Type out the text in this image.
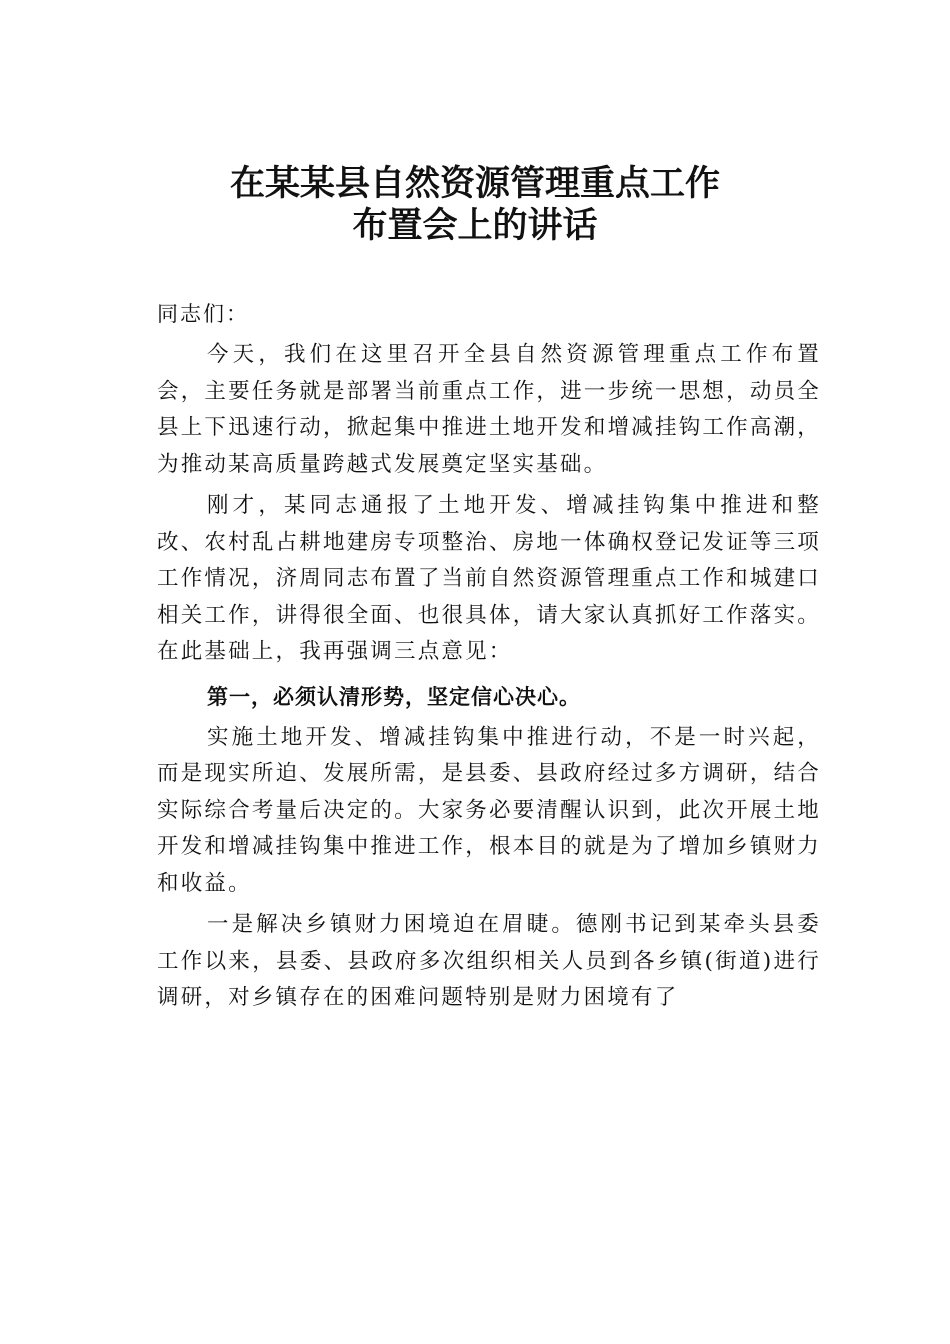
在某某县自然资源管理重点工作
布置会上的讲话

同志们：

今天，我们在这里召开全县自然资源管理重点工作布置会，主要任务就是部署当前重点工作，进一步统一思想，动员全县上下迅速行动，掀起集中推进土地开发和增减挂钩工作高潮，为推动某高质量跨越式发展奠定坚实基础。

刚才，某同志通报了土地开发、增减挂钩集中推进和整改、农村乱占耕地建房专项整治、房地一体确权登记发证等三项工作情况，济周同志布置了当前自然资源管理重点工作和城建口相关工作，讲得很全面、也很具体，请大家认真抓好工作落实。在此基础上，我再强调三点意见：

第一，必须认清形势，坚定信心决心。

实施土地开发、增减挂钩集中推进行动，不是一时兴起，而是现实所迫、发展所需，是县委、县政府经过多方调研，结合实际综合考量后决定的。大家务必要清醒认识到，此次开展土地开发和增减挂钩集中推进工作，根本目的就是为了增加乡镇财力和收益。

一是解决乡镇财力困境迫在眉睫。德刚书记到某牵头县委工作以来，县委、县政府多次组织相关人员到各乡镇(街道)进行调研，对乡镇存在的困难问题特别是财力困境有了
